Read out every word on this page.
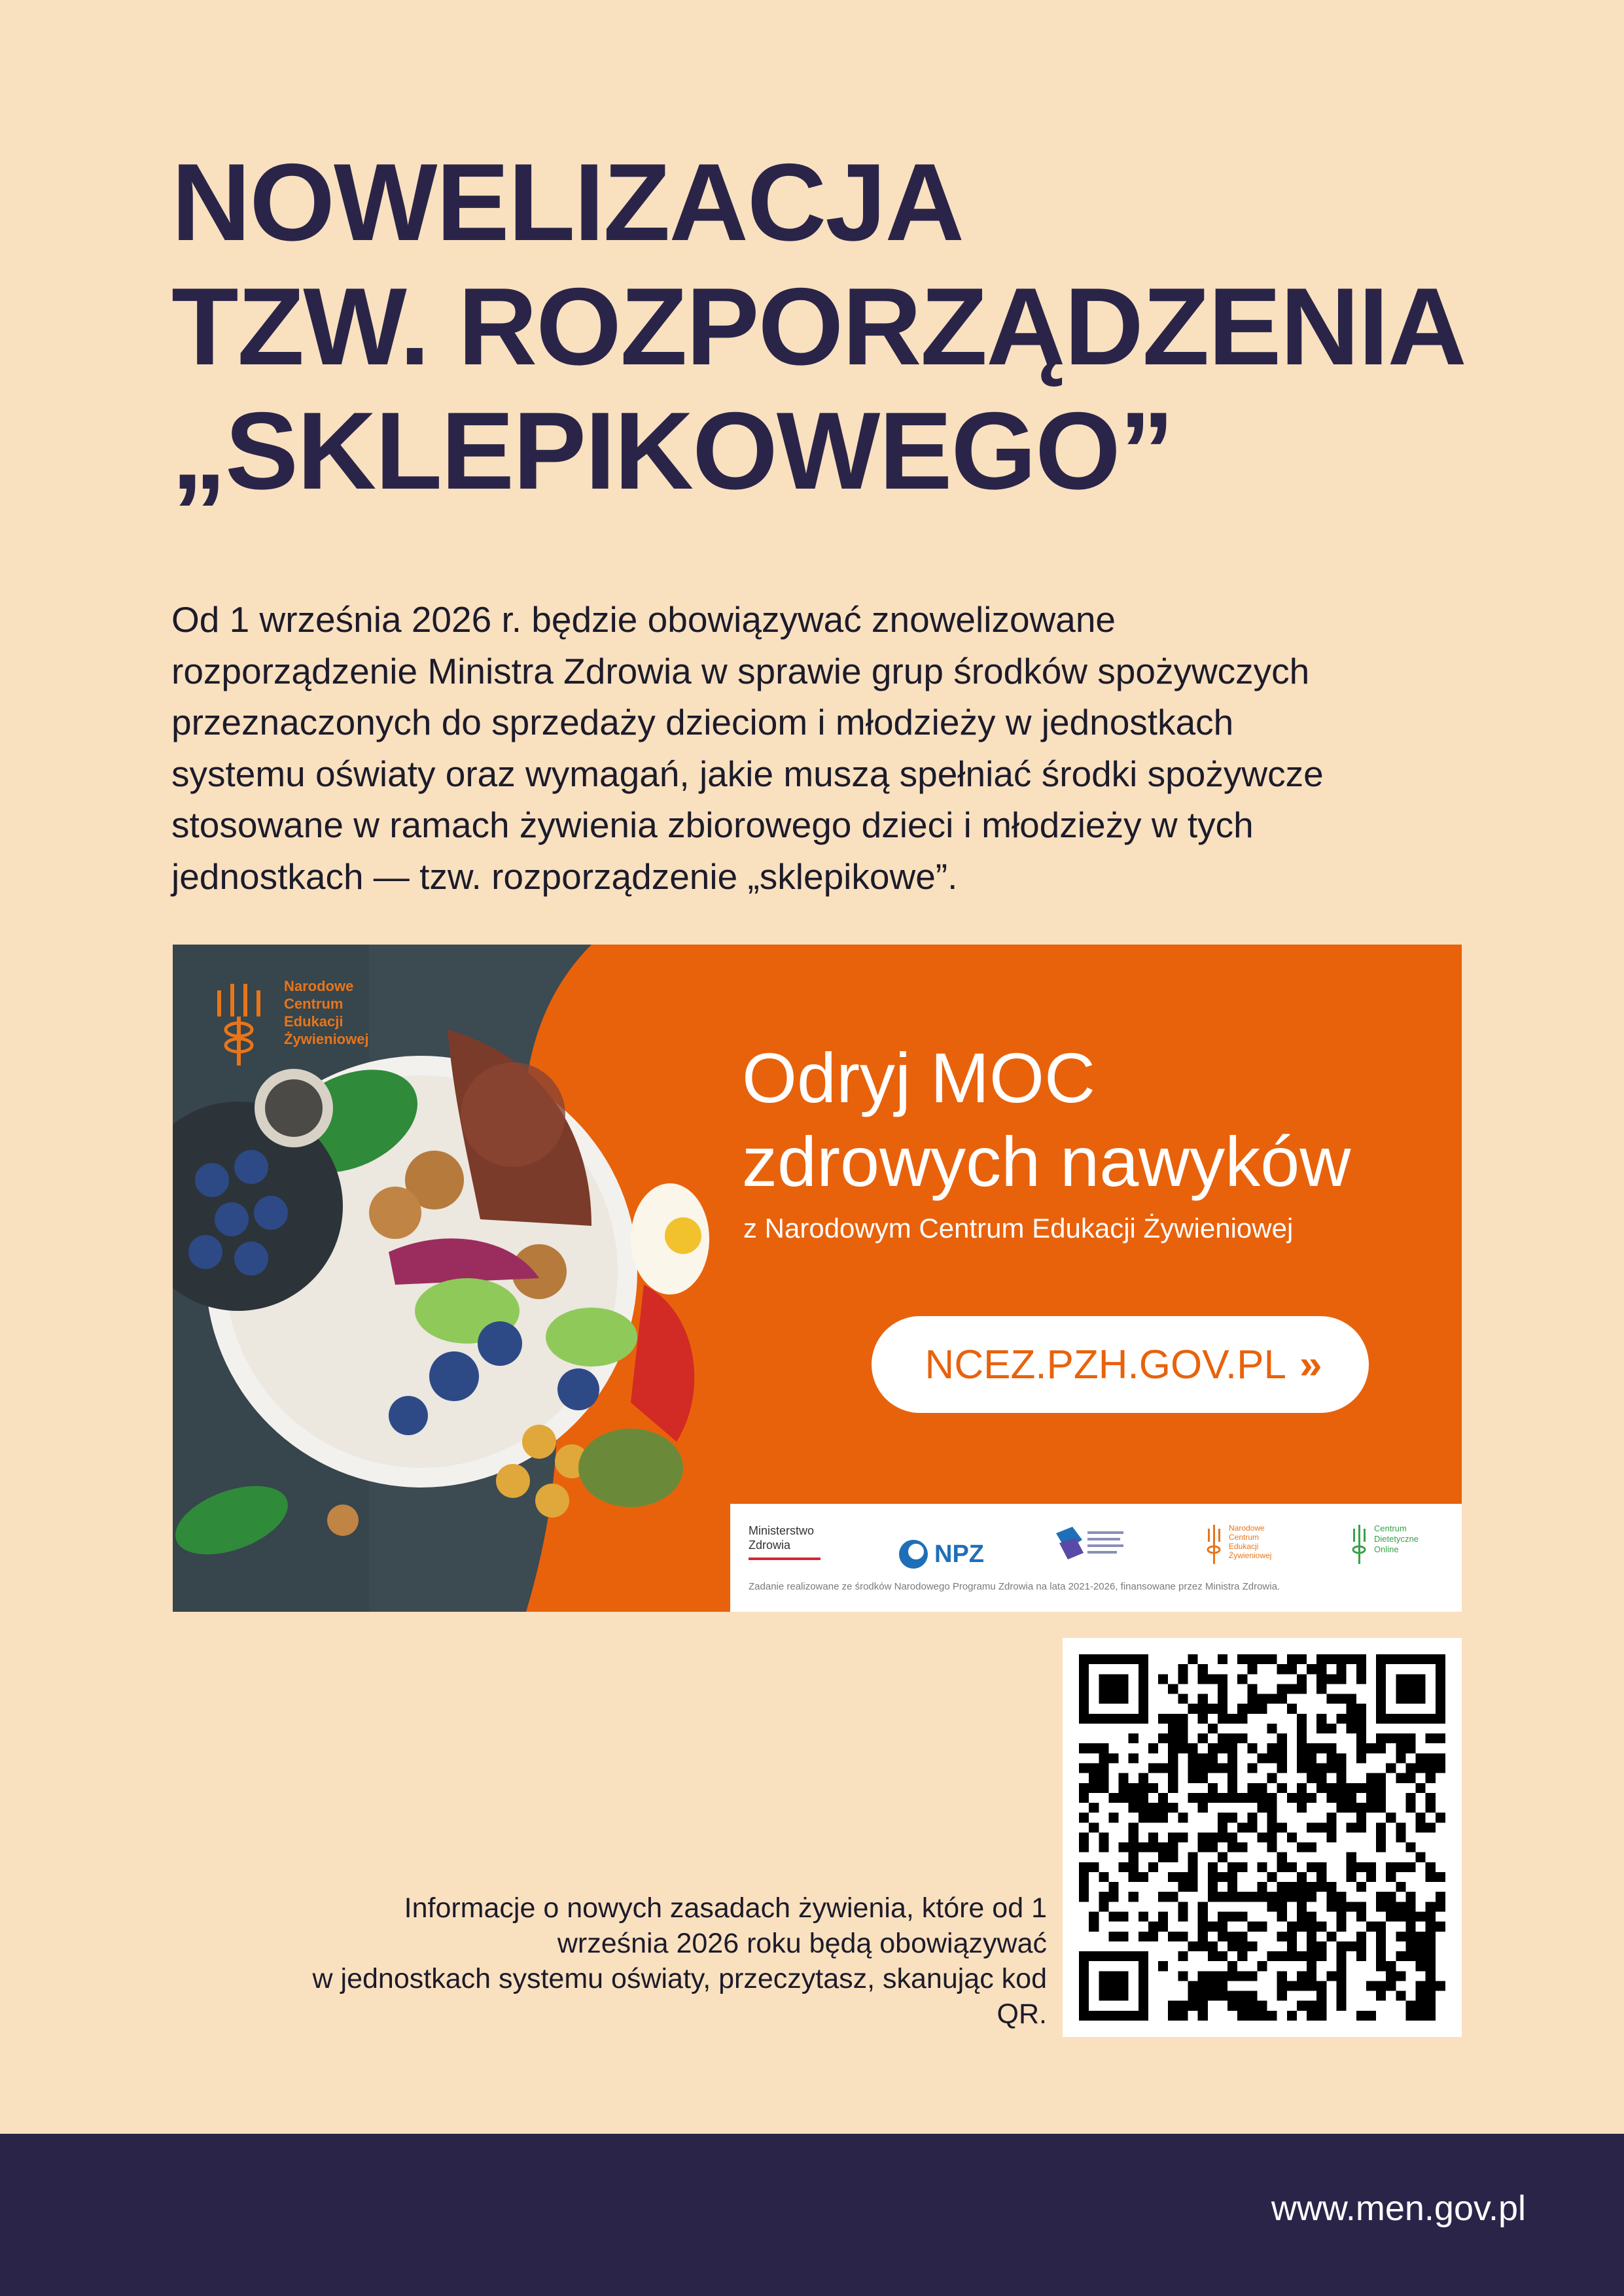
NOWELIZACJA
TZW. ROZPORZĄDZENIA
„SKLEPIKOWEGO”
Od 1 września 2026 r. będzie obowiązywać znowelizowane
rozporządzenie Ministra Zdrowia w sprawie grup środków spożywczych
przeznaczonych do sprzedaży dzieciom i młodzieży w jednostkach
systemu oświaty oraz wymagań, jakie muszą spełniać środki spożywcze
stosowane w ramach żywienia zbiorowego dzieci i młodzieży w tych
jednostkach — tzw. rozporządzenie „sklepikowe”.
Narodowe
Centrum
Edukacji
Żywieniowej	Odryj MOC
zdrowych nawyków
z Narodowym Centrum Edukacji Żywieniowej
NCEZ.PZH.GOV.PL »
Ministerstwo
Zdrowia	NPZ
Narodowe
Centrum
Edukacji
Żywieniowej
Centrum
Dietetyczne
Online
Zadanie realizowane ze środków Narodowego Programu Zdrowia na lata 2021-2026, finansowane przez Ministra Zdrowia.
Informacje o nowych zasadach żywienia, które od 1
września 2026 roku będą obowiązywać
w jednostkach systemu oświaty, przeczytasz, skanując kod
QR.
www.men.gov.pl
